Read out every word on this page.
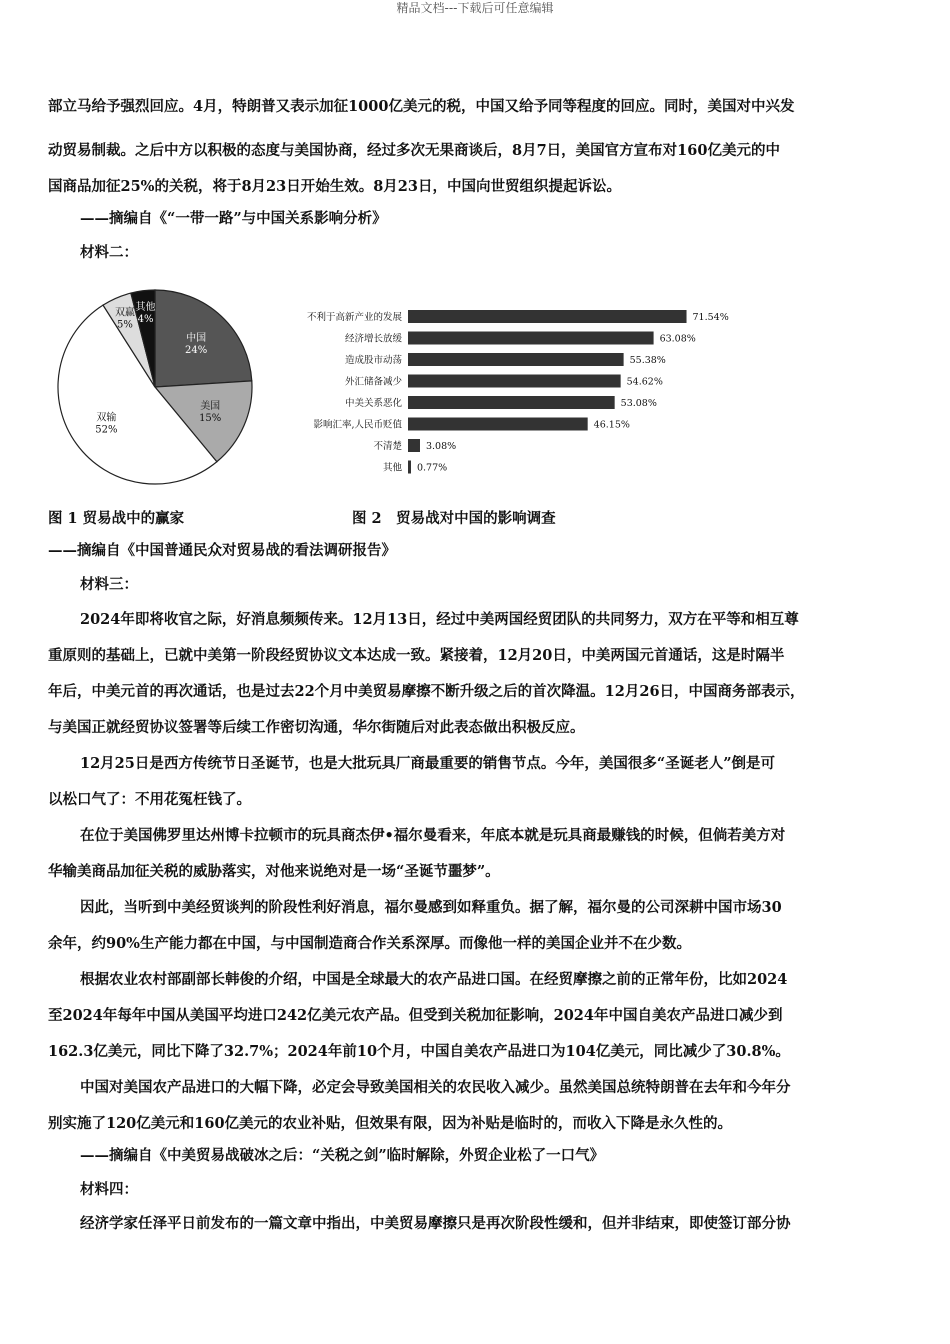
精品文档---下载后可任意编辑
部立马给予强烈回应。4月，特朗普又表示加征1000亿美元的税，中国又给予同等程度的回应。同时，美国对中兴发
动贸易制裁。之后中方以积极的态度与美国协商，经过多次无果商谈后，8月7日，美国官方宣布对160亿美元的中
国商品加征25%的关税，将于8月23日开始生效。8月23日，中国向世贸组织提起诉讼。
——摘编自《“一带一路”与中国关系影响分析》
材料二：
中国
24%
美国
15%
双输
52%
双赢
5%
其他
4%	不利于高新产业的发展	71.54%
经济增长放缓	63.08%
造成股市动荡	55.38%
外汇储备减少	54.62%
中美关系恶化	53.08%
影响汇率,人民币贬值	46.15%
不清楚	3.08%
其他 0.77%
图 1 贸易战中的赢家	图 2　贸易战对中国的影响调查
——摘编自《中国普通民众对贸易战的看法调研报告》
材料三：
2024年即将收官之际，好消息频频传来。12月13日，经过中美两国经贸团队的共同努力，双方在平等和相互尊
重原则的基础上，已就中美第一阶段经贸协议文本达成一致。紧接着，12月20日，中美两国元首通话，这是时隔半
年后，中美元首的再次通话，也是过去22个月中美贸易摩擦不断升级之后的首次降温。12月26日，中国商务部表示，
与美国正就经贸协议签署等后续工作密切沟通，华尔街随后对此表态做出积极反应。
12月25日是西方传统节日圣诞节，也是大批玩具厂商最重要的销售节点。今年，美国很多“圣诞老人”倒是可
以松口气了：不用花冤枉钱了。
在位于美国佛罗里达州博卡拉顿市的玩具商杰伊•福尔曼看来，年底本就是玩具商最赚钱的时候，但倘若美方对
华输美商品加征关税的威胁落实，对他来说绝对是一场“圣诞节噩梦”。
因此，当听到中美经贸谈判的阶段性利好消息，福尔曼感到如释重负。据了解，福尔曼的公司深耕中国市场30
余年，约90%生产能力都在中国，与中国制造商合作关系深厚。而像他一样的美国企业并不在少数。
根据农业农村部副部长韩俊的介绍，中国是全球最大的农产品进口国。在经贸摩擦之前的正常年份，比如2024
至2024年每年中国从美国平均进口242亿美元农产品。但受到关税加征影响，2024年中国自美农产品进口减少到
162.3亿美元，同比下降了32.7%；2024年前10个月，中国自美农产品进口为104亿美元，同比减少了30.8%。
中国对美国农产品进口的大幅下降，必定会导致美国相关的农民收入减少。虽然美国总统特朗普在去年和今年分
别实施了120亿美元和160亿美元的农业补贴，但效果有限，因为补贴是临时的，而收入下降是永久性的。
——摘编自《中美贸易战破冰之后：“关税之剑”临时解除，外贸企业松了一口气》
材料四：
经济学家任泽平日前发布的一篇文章中指出，中美贸易摩擦只是再次阶段性缓和，但并非结束，即使签订部分协
